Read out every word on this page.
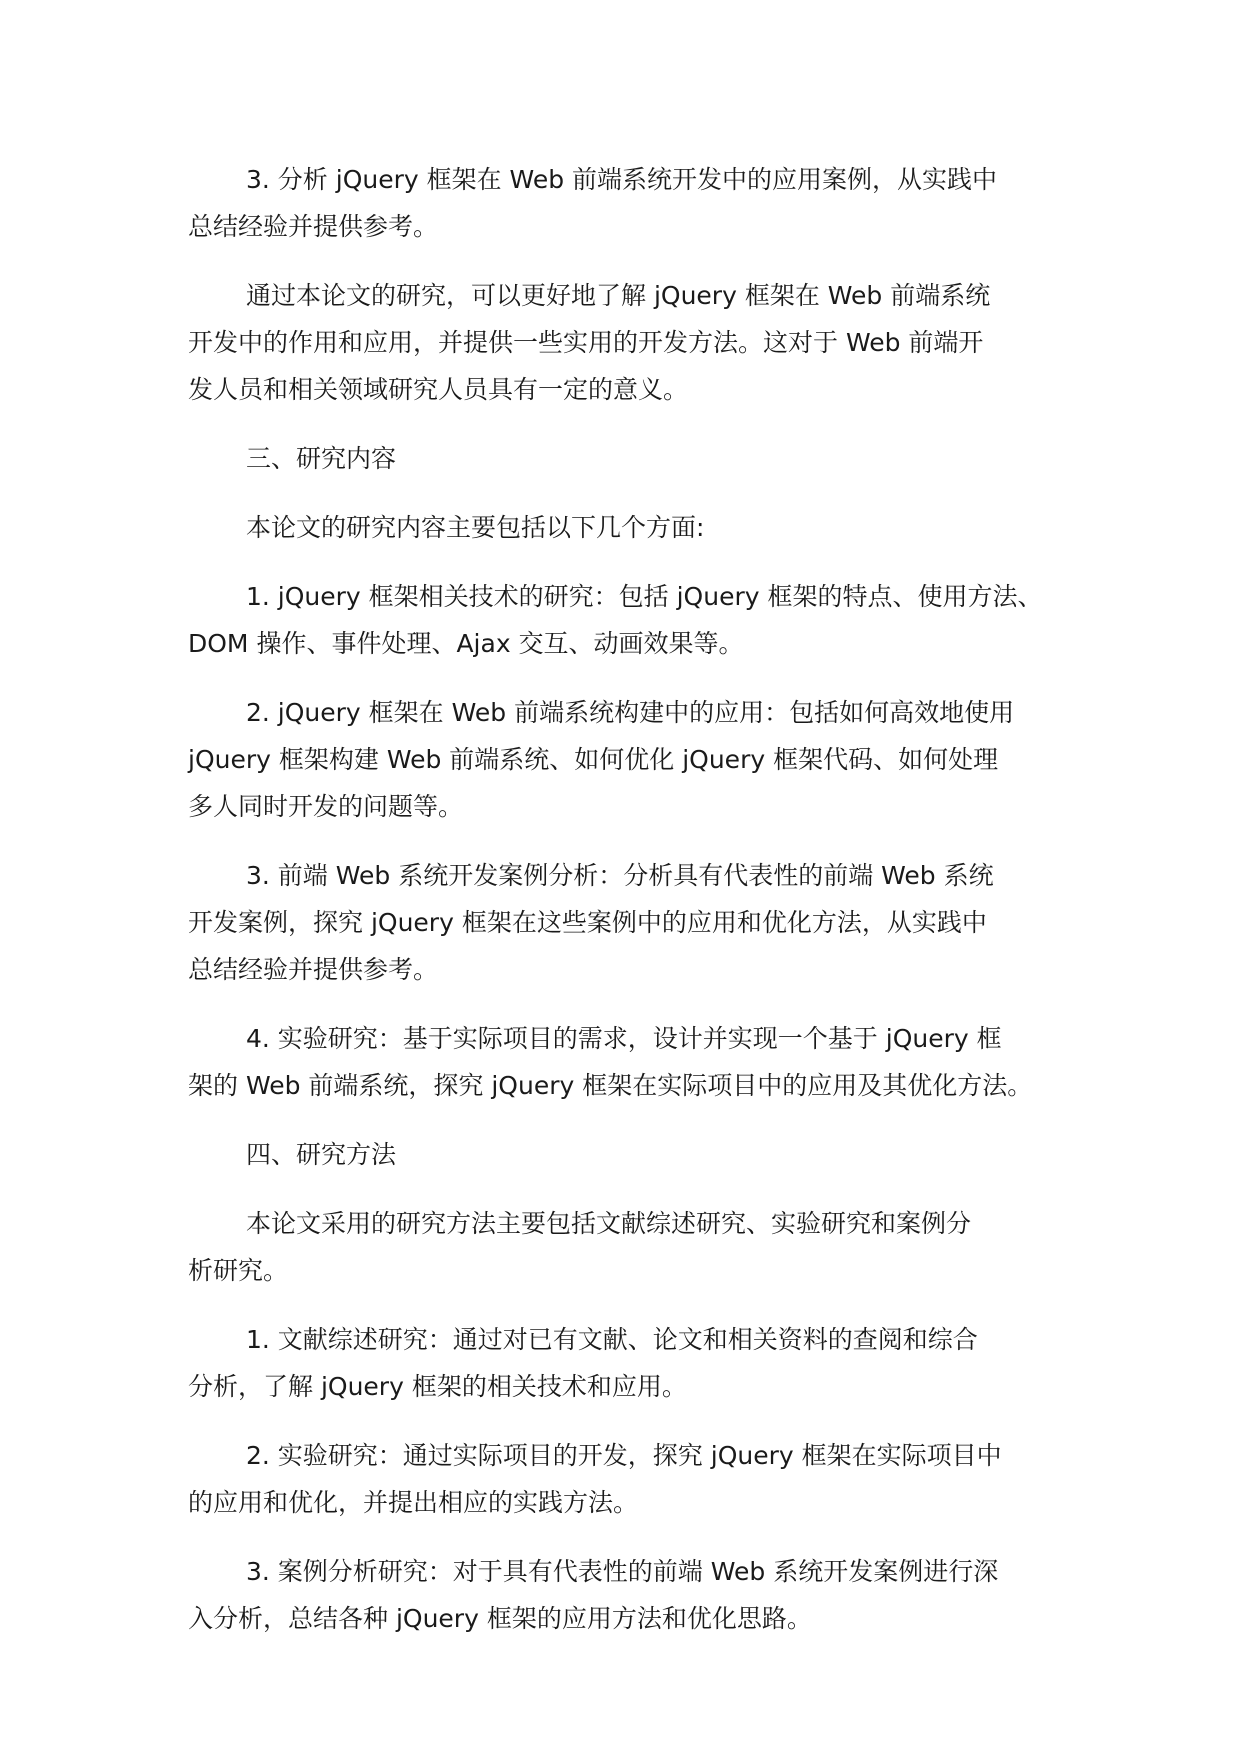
3. 分析 jQuery 框架在 Web 前端系统开发中的应用案例，从实践中
总结经验并提供参考。
通过本论文的研究，可以更好地了解 jQuery 框架在 Web 前端系统
开发中的作用和应用，并提供一些实用的开发方法。这对于 Web 前端开
发人员和相关领域研究人员具有一定的意义。
三、研究内容
本论文的研究内容主要包括以下几个方面:
1. jQuery 框架相关技术的研究：包括 jQuery 框架的特点、使用方法、
DOM 操作、事件处理、Ajax 交互、动画效果等。
2. jQuery 框架在 Web 前端系统构建中的应用：包括如何高效地使用
jQuery 框架构建 Web 前端系统、如何优化 jQuery 框架代码、如何处理
多人同时开发的问题等。
3. 前端 Web 系统开发案例分析：分析具有代表性的前端 Web 系统
开发案例，探究 jQuery 框架在这些案例中的应用和优化方法，从实践中
总结经验并提供参考。
4. 实验研究：基于实际项目的需求，设计并实现一个基于 jQuery 框
架的 Web 前端系统，探究 jQuery 框架在实际项目中的应用及其优化方法。
四、研究方法
本论文采用的研究方法主要包括文献综述研究、实验研究和案例分
析研究。
1. 文献综述研究：通过对已有文献、论文和相关资料的查阅和综合
分析，了解 jQuery 框架的相关技术和应用。
2. 实验研究：通过实际项目的开发，探究 jQuery 框架在实际项目中
的应用和优化，并提出相应的实践方法。
3. 案例分析研究：对于具有代表性的前端 Web 系统开发案例进行深
入分析，总结各种 jQuery 框架的应用方法和优化思路。
